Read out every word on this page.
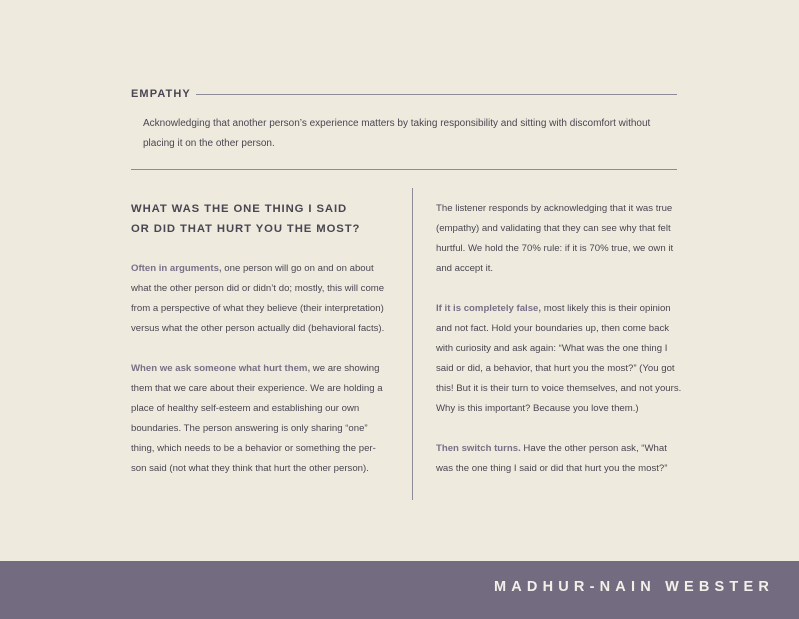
EMPATHY

Acknowledging that another person’s experience matters by taking responsibility and sitting with discomfort without placing it on the other person.

WHAT WAS THE ONE THING I SAID
OR DID THAT HURT YOU THE MOST?

Often in arguments, one person will go on and on about what the other person did or didn’t do; mostly, this will come from a perspective of what they believe (their interpretation) versus what the other person actually did (behavioral facts).

When we ask someone what hurt them, we are showing them that we care about their experience. We are holding a place of healthy self-esteem and establishing our own boundaries. The person answering is only sharing “one” thing, which needs to be a behavior or something the per-son said (not what they think that hurt the other person).

The listener responds by acknowledging that it was true (empathy) and validating that they can see why that felt hurtful. We hold the 70% rule: if it is 70% true, we own it and accept it.

If it is completely false, most likely this is their opinion and not fact. Hold your boundaries up, then come back with curiosity and ask again: “What was the one thing I said or did, a behavior, that hurt you the most?” (You got this! But it is their turn to voice themselves, and not yours. Why is this important? Because you love them.)

Then switch turns. Have the other person ask, “What was the one thing I said or did that hurt you the most?”

MADHUR-NAIN WEBSTER
